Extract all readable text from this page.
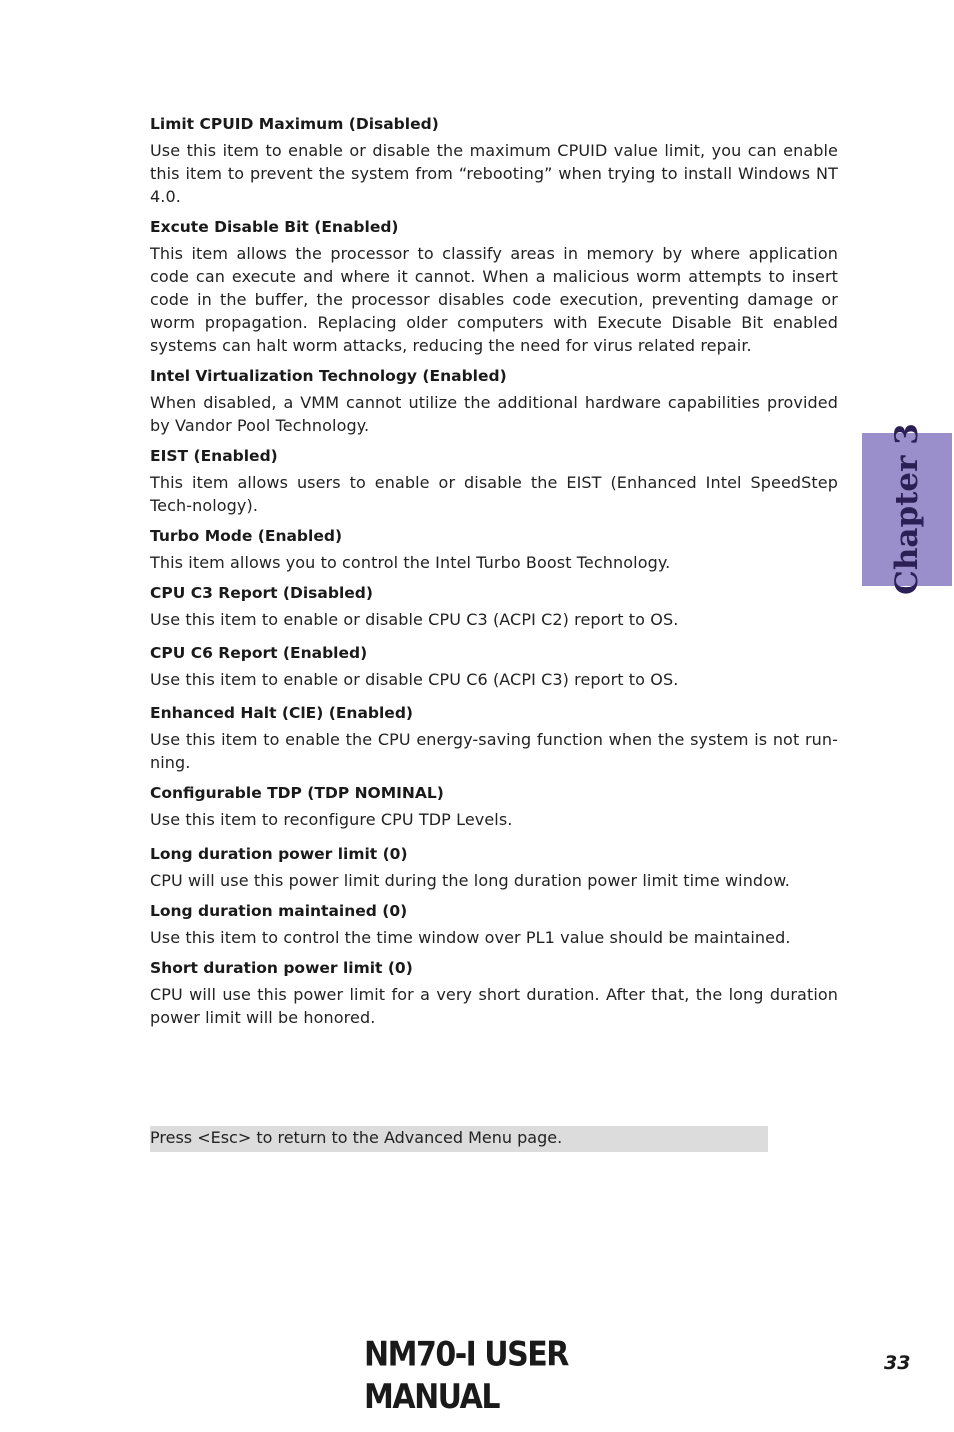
Limit CPUID Maximum (Disabled)

Use this item to enable or disable the maximum CPUID value limit, you can enable this item to prevent the system from “rebooting” when trying to install Windows NT 4.0.

Excute Disable Bit (Enabled)

This item allows the processor to classify areas in memory by where application code can execute and where it cannot. When a malicious worm attempts to insert code in the buffer, the processor disables code execution, preventing damage or worm propagation. Replacing older computers with Execute Disable Bit enabled systems can halt worm attacks, reducing the need for virus related repair.

Intel Virtualization Technology (Enabled)

When disabled, a VMM cannot utilize the additional hardware capabilities provided by Vandor Pool Technology.

EIST (Enabled)

This item allows users to enable or disable the EIST (Enhanced Intel SpeedStep Tech-nology).

Turbo Mode (Enabled)

This item allows you to control the Intel Turbo Boost Technology.

CPU C3 Report (Disabled)

Use this item to enable or disable CPU C3 (ACPI C2) report to OS.

CPU C6 Report (Enabled)

Use this item to enable or disable CPU C6 (ACPI C3) report to OS.

Enhanced Halt (ClE) (Enabled)

Use this item to enable the CPU energy-saving function when the system is not run-ning.

Configurable TDP (TDP NOMINAL)

Use this item to reconfigure CPU TDP Levels.

Long duration power limit (0)

CPU will use this power limit during the long duration power limit time window.

Long duration maintained (0)

Use this item to control the time window over PL1 value should be maintained.

Short duration power limit (0)

CPU will use this power limit for a very short duration. After that, the long duration power limit will be honored.

Press <Esc> to return to the Advanced Menu page.
Chapter 3
NM70-I USER MANUAL
33
